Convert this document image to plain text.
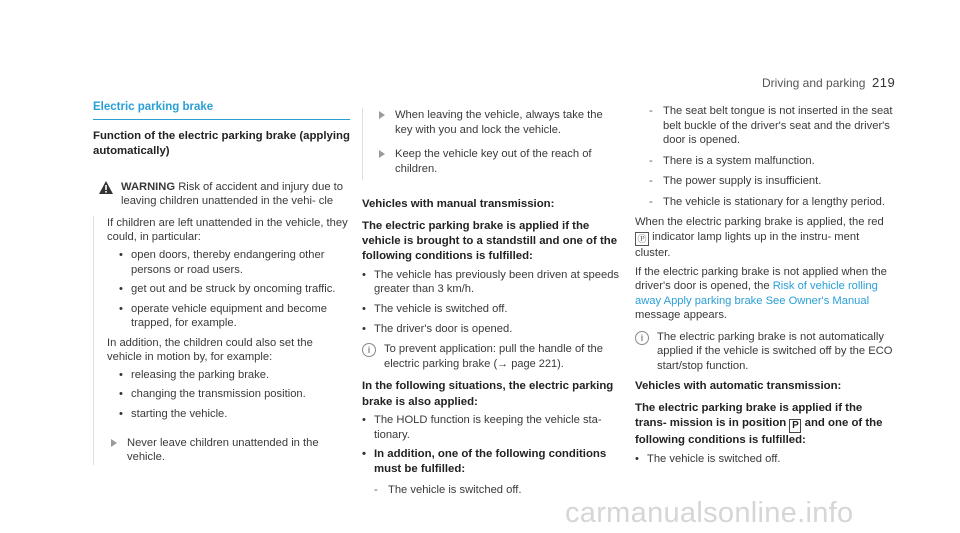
Driving and parking 219
Electric parking brake
Function of the electric parking brake (applying automatically)
WARNING Risk of accident and injury due to leaving children unattended in the vehi- cle

If children are left unattended in the vehicle, they could, in particular:

• open doors, thereby endangering other persons or road users.
• get out and be struck by oncoming traffic.
• operate vehicle equipment and become trapped, for example.

In addition, the children could also set the vehicle in motion by, for example:

• releasing the parking brake.
• changing the transmission position.
• starting the vehicle.
Never leave children unattended in the vehicle.
When leaving the vehicle, always take the key with you and lock the vehicle.
Keep the vehicle key out of the reach of children.
Vehicles with manual transmission:
The electric parking brake is applied if the vehicle is brought to a standstill and one of the following conditions is fulfilled:
• The vehicle has previously been driven at speeds greater than 3 km/h.
• The vehicle is switched off.
• The driver's door is opened.
i	To prevent application: pull the handle of the electric parking brake (→ page 221).
In the following situations, the electric parking brake is also applied:
• The HOLD function is keeping the vehicle sta- tionary.
• In addition, one of the following conditions must be fulfilled:
- The vehicle is switched off.
- The seat belt tongue is not inserted in the seat belt buckle of the driver's seat and the driver's door is opened.
- There is a system malfunction.
- The power supply is insufficient.
- The vehicle is stationary for a lengthy period.

When the electric parking brake is applied, the red Ⓟ indicator lamp lights up in the instru- ment cluster.

If the electric parking brake is not applied when the driver's door is opened, the Risk of vehicle rolling away Apply parking brake See Owner's Manual message appears.

i	The electric parking brake is not automatically applied if the vehicle is switched off by the ECO start/stop function.
Vehicles with automatic transmission:
The electric parking brake is applied if the trans- mission is in position P and one of the following conditions is fulfilled:
• The vehicle is switched off.
carmanualsonline.info
